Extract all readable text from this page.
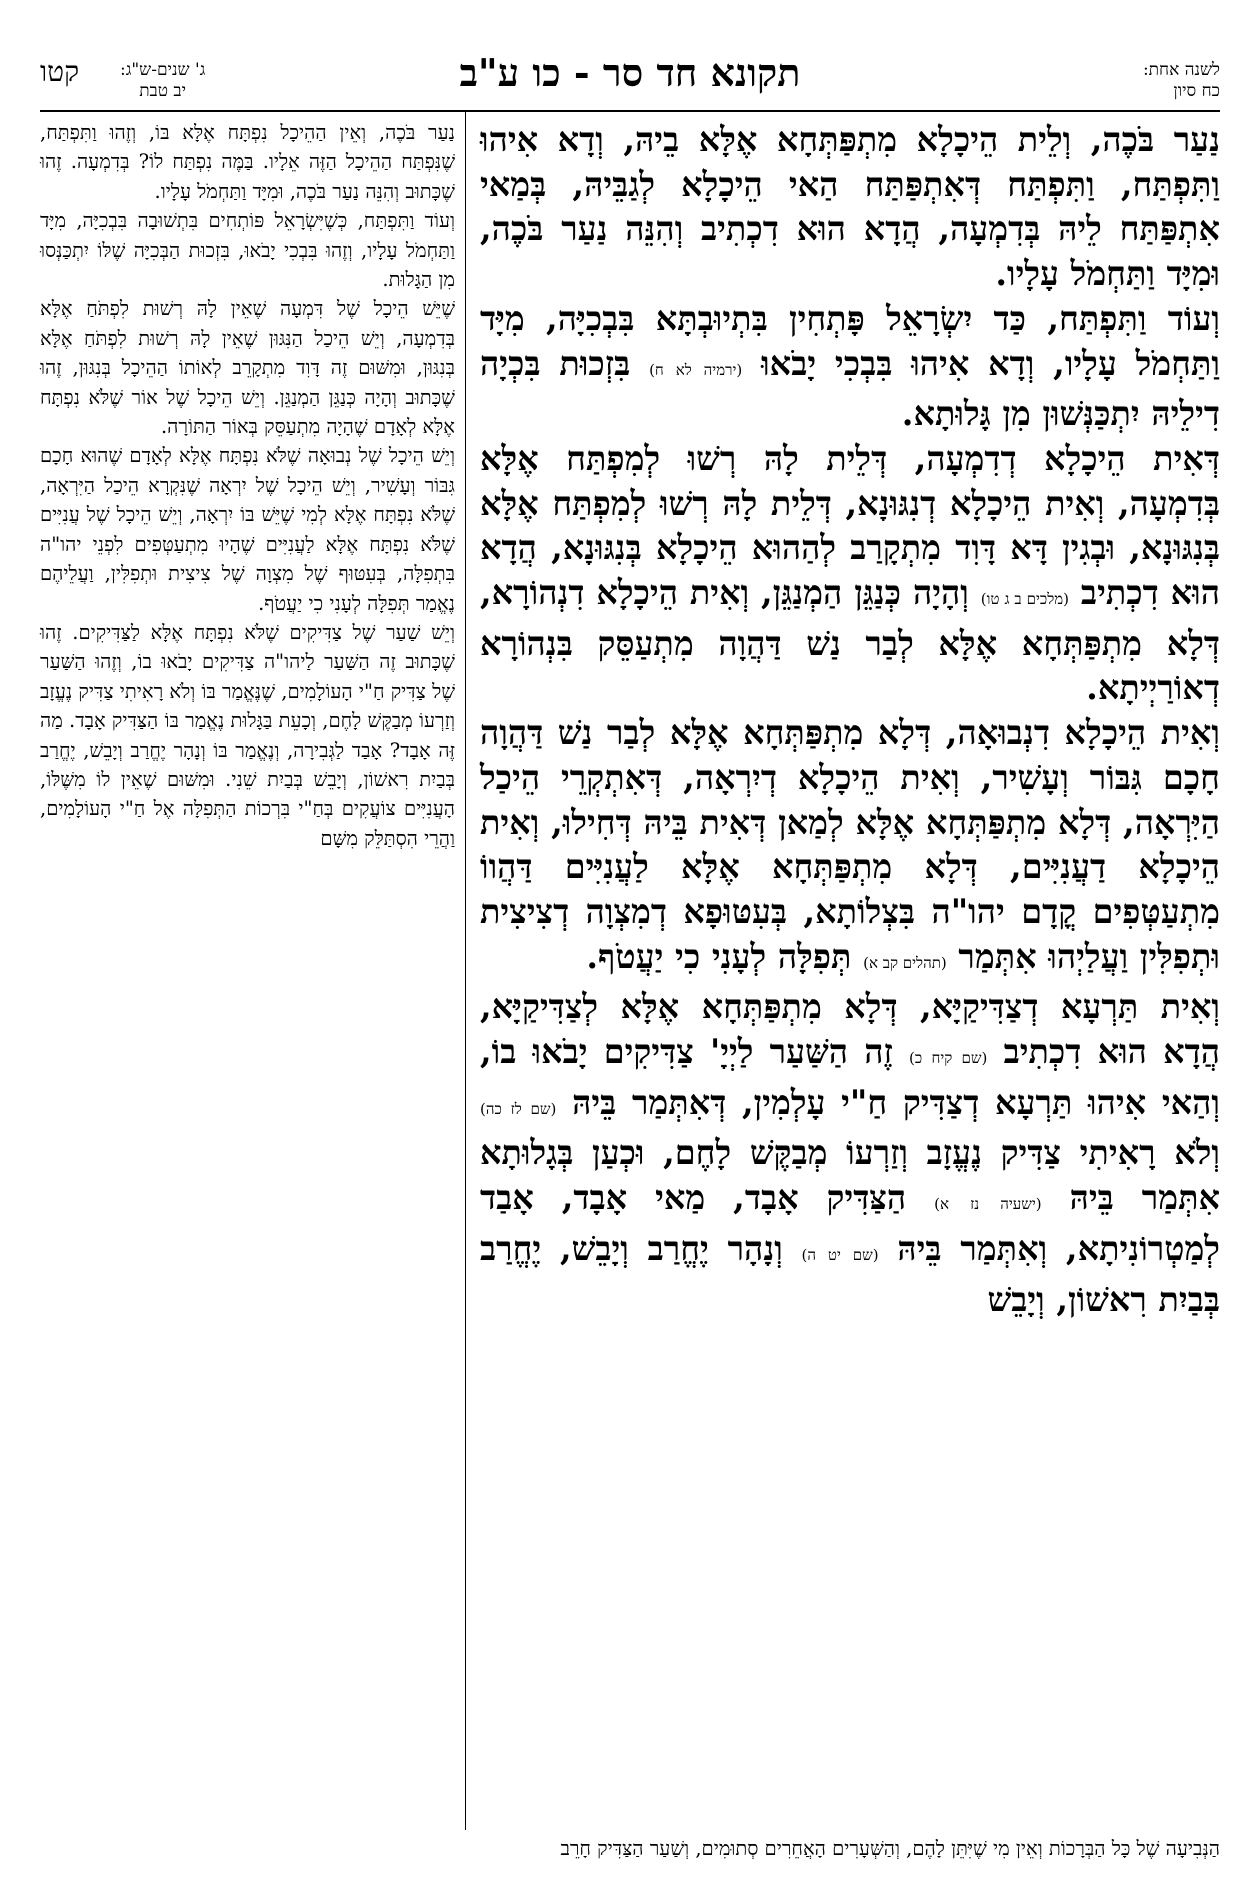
לשנה אחת:
כח סיון
תקונא חד סר - כו ע"ב
ג' שנים-ש"ג:
יב טבת
קטו

נַעַר בֹּכֶה, וְלֵית הֵיכָלָא מִתְפַּתְּחָא אֶלָּא בֵיהּ, וְדָא אִיהוּ וַתִּפְתַּח, וַתִּפְתַּח דְּאִתְפַּתַּח הַאי הֵיכָלָא לְגַבֵּיהּ, בְּמַאי אִתְפַּתַּח לֵיהּ בְּדִמְעָה, הֲדָא הוּא דִכְתִיב וְהִנֵּה נַעַר בֹּכֶה, וּמִיָּד וַתַּחְמֹל עָלָיו.

וְעוֹד וַתִּפְתַּח, כַּד יִשְׂרָאֵל פָּתְחִין בִּתְיוּבְתָּא בִּבְכִיָּה, מִיָּד וַתַּחְמֹל עָלָיו, וְדָא אִיהוּ בִּבְכִי יָבֹאוּ (ירמיה לא ח) בִּזְכוּת בִּכְיָה דִילֵיהּ יִתְכַּנְּשׁוּן מִן גָּלוּתָא.

דְּאִית הֵיכָלָא דְדִמְעָה, דְּלֵית לָהּ רְשׁוּ לְמִפְתַּח אֶלָּא בְּדִמְעָה, וְאִית הֵיכָלָא דְנִגּוּנָא, דְּלֵית לָהּ רְשׁוּ לְמִפְתַּח אֶלָּא בְּנִגּוּנָא, וּבְגִין דָּא דָּוִד מִתְקָרַב לְהַהוּא הֵיכָלָא בְּנִגּוּנָא, הֲדָא הוּא דִכְתִיב (מלכים ב ג טו) וְהָיָה כְּנַגֵּן הַמְנַגֵּן, וְאִית הֵיכָלָא דִנְהוֹרָא, דְּלָא מִתְפַּתְּחָא אֶלָּא לְבַר נַשׁ דַּהֲוָה מִתְעַסֵּק בִּנְהוֹרָא דְאוֹרַיְיתָא.

וְאִית הֵיכָלָא דִנְבוּאָה, דְּלָא מִתְפַּתְּחָא אֶלָּא לְבַר נַשׁ דַּהֲוָה חָכָם גִּבּוֹר וְעָשִׁיר, וְאִית הֵיכָלָא דְיִרְאָה, דְּאִתְקְרֵי הֵיכַל הַיִּרְאָה, דְּלָא מִתְפַּתְּחָא אֶלָּא לְמַאן דְּאִית בֵּיהּ דְּחִילוּ, וְאִית הֵיכָלָא דַעֲנִיִּים, דְּלָא מִתְפַּתְּחָא אֶלָּא לַעֲנִיִּים דַּהֲווֹ מִתְעַטְּפִים קֳדָם יהו"ה בִּצְלוֹתָא, בְּעִטּוּפָא דְמִצְוָה דְצִיצִית וּתְפִלִּין וַעֲלַיְהוּ אִתְּמַר (תהלים קב א) תְּפִלָּה לְעָנִי כִי יַעֲטֹף.

וְאִית תַּרְעָא דְצַדִּיקַיָּא, דְּלָא מִתְפַּתְּחָא אֶלָּא לְצַדִּיקַיָּא, הֲדָא הוּא דִכְתִיב (שם קיח כ) זֶה הַשַּׁעַר לַיְיָ' צַדִּיקִים יָבֹאוּ בוֹ, וְהַאי אִיהוּ תַּרְעָא דְצַדִּיק חַ"י עָלְמִין, דְּאִתְּמַר בֵּיהּ (שם לז כה) וְלֹא רָאִיתִי צַדִּיק נֶעֱזָב וְזַרְעוֹ מְבַקֶּשׁ לָחֶם, וּכְעַן בְּגָלוּתָא אִתְּמַר בֵּיהּ (ישעיה נז א) הַצַּדִּיק אָבָד, מַאי אָבָד, אָבַד לְמַטְרוֹנִיתָא, וְאִתְּמַר בֵּיהּ (שם יט ה) וְנָהָר יֶחֱרַב וְיָבֵשׁ, יֶחֱרַב בְּבַיִת רִאשׁוֹן, וְיָבֵשׁ

נַעַר בֹּכֶה, וְאֵין הַהֵיכָל נִפְתָּח אֶלָּא בּוֹ, וְזֶהוּ וַתִּפְתַּח, שֶׁנִּפְתַּח הַהֵיכָל הַזֶּה אֵלָיו. בַּמֶּה נִפְתַּח לוֹ? בְּדִמְעָה. זֶהוּ שֶׁכָּתוּב וְהִנֵּה נַעַר בֹּכֶה, וּמִיָּד וַתַּחְמֹל עָלָיו.

וְעוֹד וַתִּפְתַּח, כְּשֶׁיִּשְׂרָאֵל פּוֹתְחִים בִּתְשׁוּבָה בִּבְכִיָּה, מִיָּד וַתַּחְמֹל עָלָיו, וְזֶהוּ בִּבְכִי יָבֹאוּ, בִּזְכוּת הַבְּכִיָּה שֶׁלּוֹ יִתְכַּנְּסוּ מִן הַגָּלוּת.

שֶׁיֵּשׁ הֵיכָל שֶׁל דִּמְעָה שֶׁאֵין לָהּ רְשׁוּת לִפְתֹּחַ אֶלָּא בְּדִמְעָה, וְיֵשׁ הֵיכַל הַנִּגּוּן שֶׁאֵין לָהּ רְשׁוּת לִפְתֹּחַ אֶלָּא בְּנִגּוּן, וּמִשּׁוּם זֶה דָּוִד מִתְקָרֵב לְאוֹתוֹ הַהֵיכָל בְּנִגּוּן, זֶהוּ שֶׁכָּתוּב וְהָיָה כְּנַגֵּן הַמְנַגֵּן. וְיֵשׁ הֵיכָל שֶׁל אוֹר שֶׁלֹּא נִפְתָּח אֶלָּא לְאָדָם שֶׁהָיָה מִתְעַסֵּק בְּאוֹר הַתּוֹרָה.

וְיֵשׁ הֵיכָל שֶׁל נְבוּאָה שֶׁלֹּא נִפְתָּח אֶלָּא לְאָדָם שֶׁהוּא חָכָם גִּבּוֹר וְעָשִׁיר, וְיֵשׁ הֵיכָל שֶׁל יִרְאָה שֶׁנִּקְרָא הֵיכַל הַיִּרְאָה, שֶׁלֹּא נִפְתָּח אֶלָּא לְמִי שֶׁיֵּשׁ בּוֹ יִרְאָה, וְיֵשׁ הֵיכָל שֶׁל עֲנִיִּים שֶׁלֹּא נִפְתָּח אֶלָּא לַעֲנִיִּים שֶׁהָיוּ מִתְעַטְּפִים לִפְנֵי יהו"ה בִּתְפִלָּה, בְּעִטּוּף שֶׁל מִצְוָה שֶׁל צִיצִית וּתְפִלִּין, וַעֲלֵיהֶם נֶאֱמַר תְּפִלָּה לְעָנִי כִי יַעֲטֹף.

וְיֵשׁ שַׁעַר שֶׁל צַדִּיקִים שֶׁלֹּא נִפְתָּח אֶלָּא לַצַּדִּיקִים. זֶהוּ שֶׁכָּתוּב זֶה הַשַּׁעַר לַיהו"ה צַדִּיקִים יָבֹאוּ בוֹ, וְזֶהוּ הַשַּׁעַר שֶׁל צַדִּיק חַ"י הָעוֹלָמִים, שֶׁנֶּאֱמַר בּוֹ וְלֹא רָאִיתִי צַדִּיק נֶעֱזָב וְזַרְעוֹ מְבַקֶּשׁ לָחֶם, וְכָעֵת בַּגָּלוּת נֶאֱמַר בּוֹ הַצַּדִּיק אָבָד. מַה זֶּה אָבָד? אָבַד לַגְּבִירָה, וְנֶאֱמַר בּוֹ וְנָהָר יֶחֱרַב וְיָבֵשׁ, יֶחֱרַב בְּבַיִת רִאשׁוֹן, וְיָבֵשׁ בְּבַיִת שֵׁנִי. וּמִשּׁוּם שֶׁאֵין לוֹ מִשֶּׁלּוֹ, הָעֲנִיִּים צוֹעֲקִים בְּחַ"י בִּרְכוֹת הַתְּפִלָּה אֶל חַ"י הָעוֹלָמִים, וַהֲרֵי הִסְתַּלֵּק מִשָּׁם

הַנְּבִיעָה שֶׁל כָּל הַבְּרָכוֹת וְאֵין מִי שֶׁיִּתֵּן לָהֶם, וְהַשְּׁעָרִים הָאֲחֵרִים סְתוּמִים, וְשַׁעַר הַצַּדִּיק חָרֵב
